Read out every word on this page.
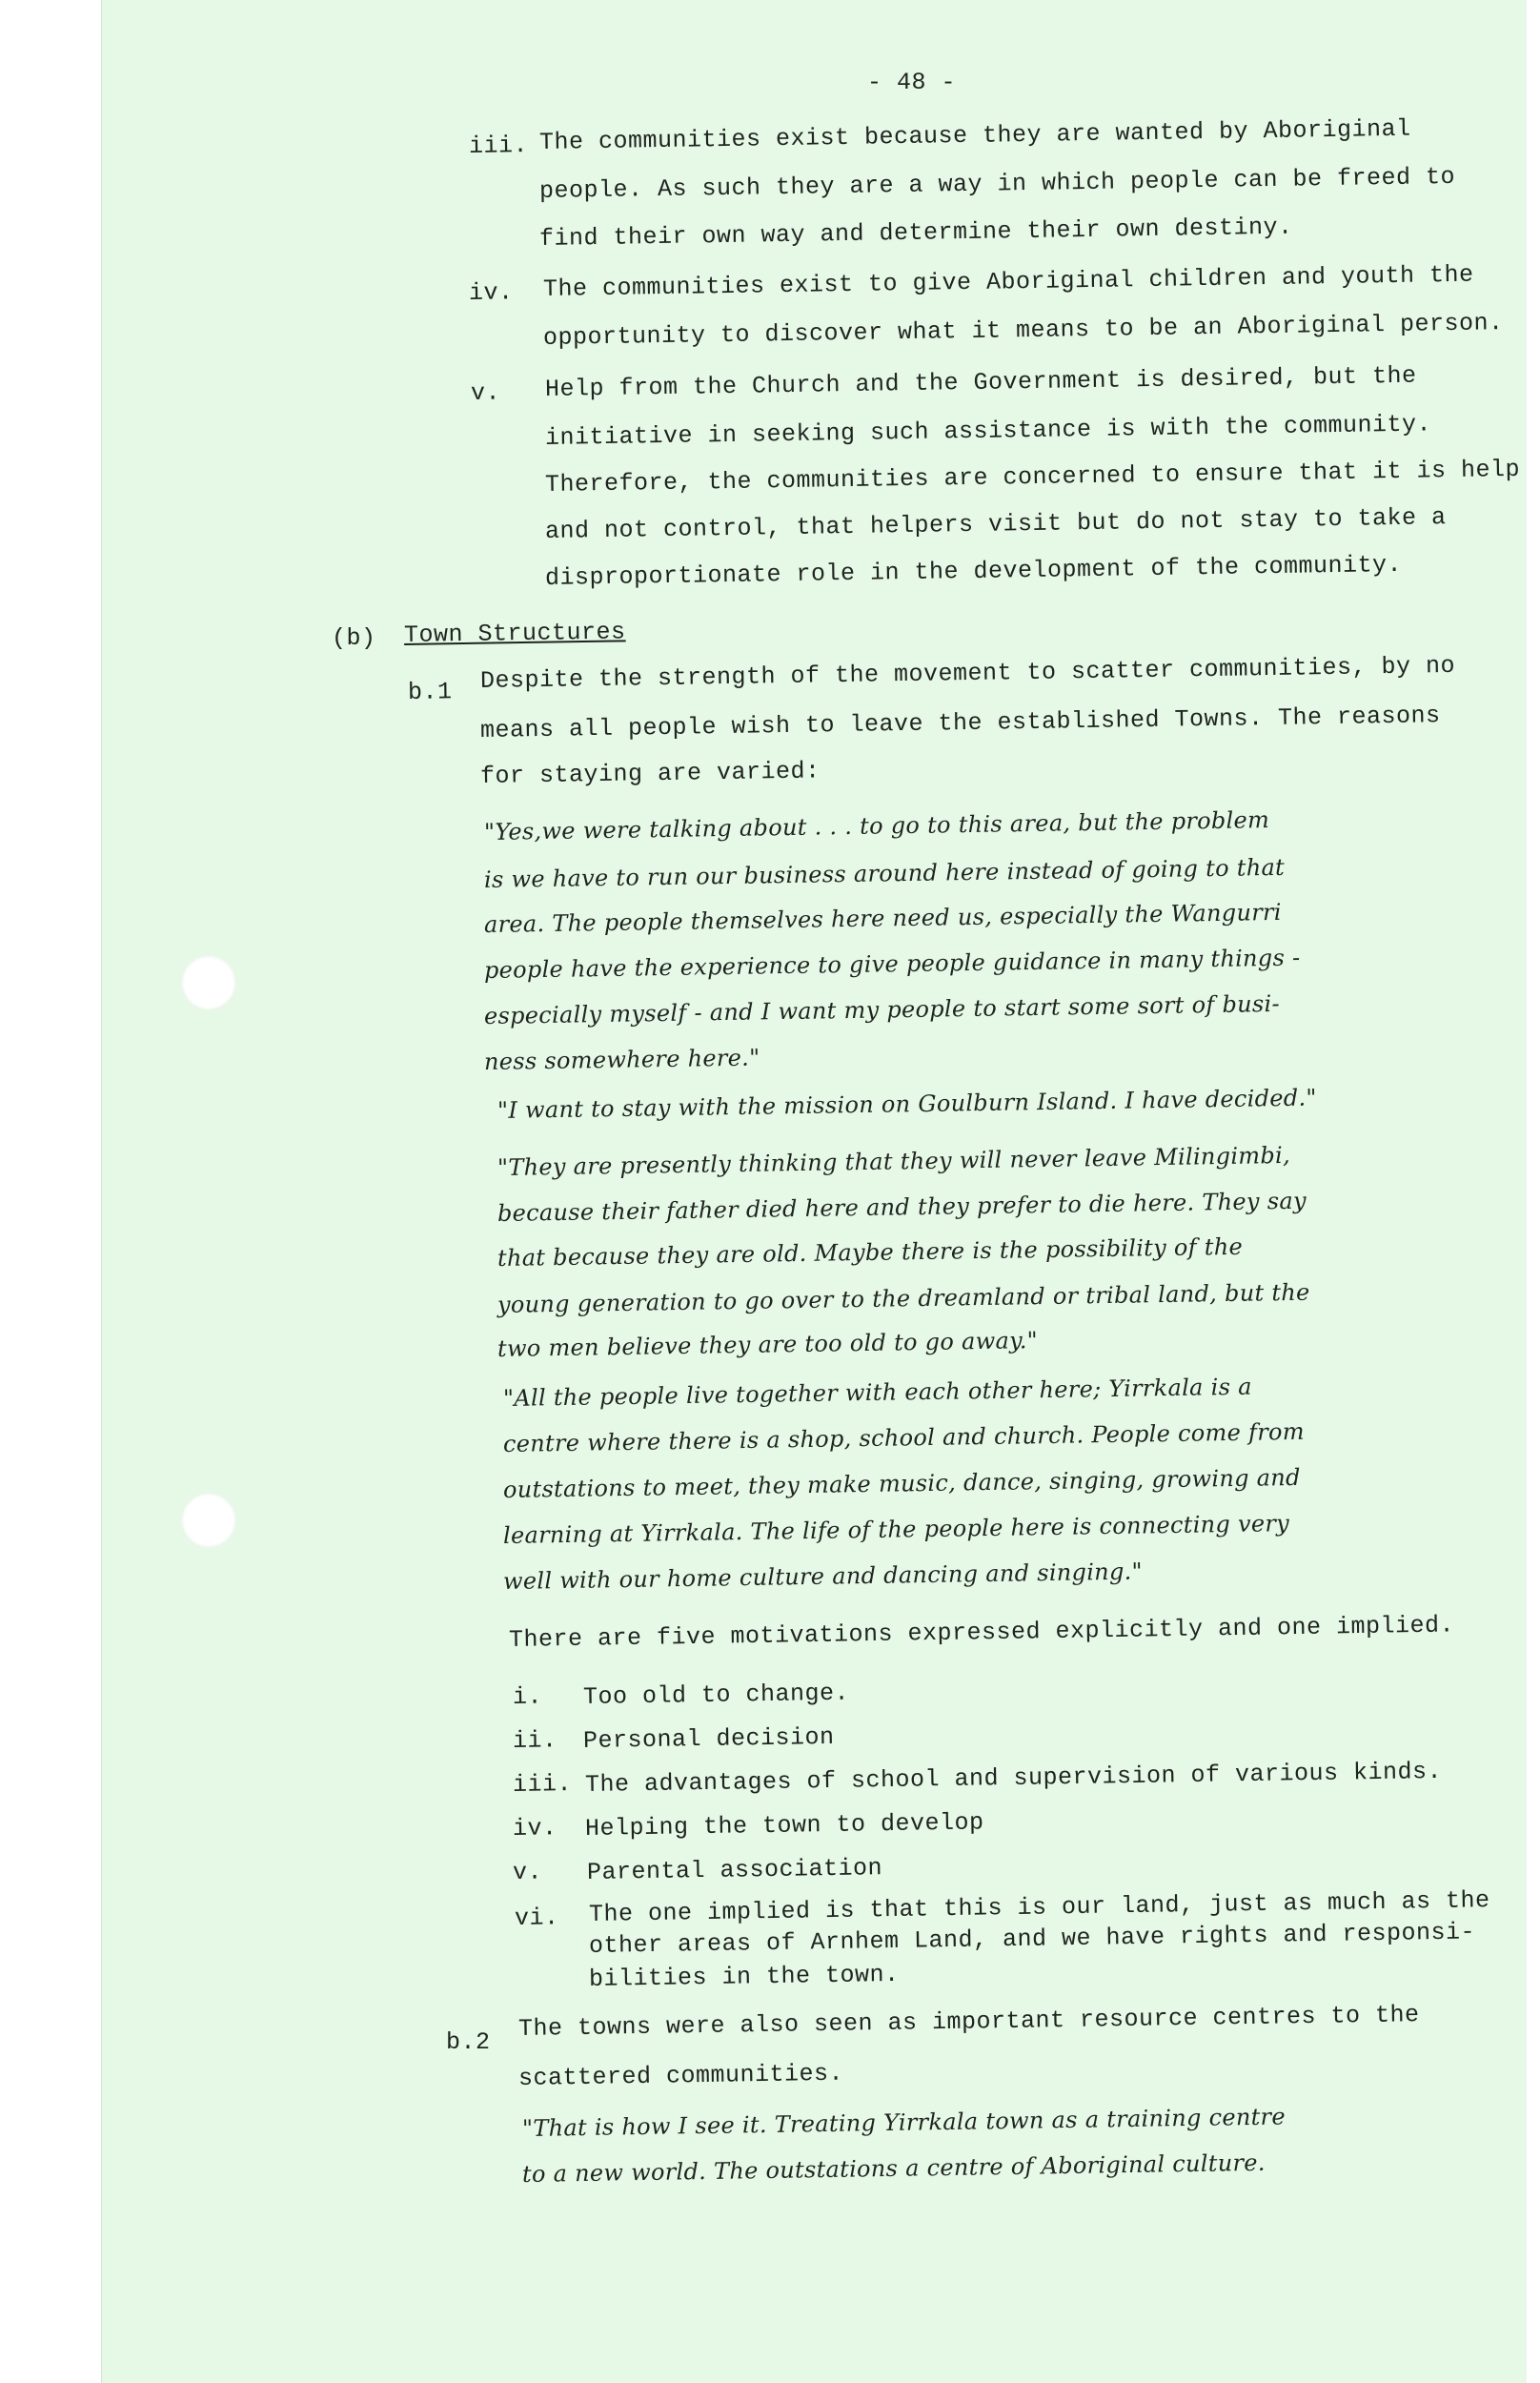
- 48 -
iii. The communities exist because they are wanted by Aboriginal
people. As such they are a way in which people can be freed to
find their own way and determine their own destiny.
iv. The communities exist to give Aboriginal children and youth the
opportunity to discover what it means to be an Aboriginal person.
v. Help from the Church and the Government is desired, but the
initiative in seeking such assistance is with the community.
Therefore, the communities are concerned to ensure that it is help
and not control, that helpers visit but do not stay to take a
disproportionate role in the development of the community.
(b) Town Structures
b.1 Despite the strength of the movement to scatter communities, by no
means all people wish to leave the established Towns. The reasons
for staying are varied:
"Yes,we were talking about . . . to go to this area, but the problem
is we have to run our business around here instead of going to that
area. The people themselves here need us, especially the Wangurri
people have the experience to give people guidance in many things -
especially myself - and I want my people to start some sort of busi-
ness somewhere here."
"I want to stay with the mission on Goulburn Island. I have decided."
"They are presently thinking that they will never leave Milingimbi,
because their father died here and they prefer to die here. They say
that because they are old. Maybe there is the possibility of the
young generation to go over to the dreamland or tribal land, but the
two men believe they are too old to go away."
"All the people live together with each other here; Yirrkala is a
centre where there is a shop, school and church. People come from
outstations to meet, they make music, dance, singing, growing and
learning at Yirrkala. The life of the people here is connecting very
well with our home culture and dancing and singing."
There are five motivations expressed explicitly and one implied.
i. Too old to change.
ii. Personal decision
iii. The advantages of school and supervision of various kinds.
iv. Helping the town to develop
v. Parental association
vi. The one implied is that this is our land, just as much as the
other areas of Arnhem Land, and we have rights and responsi-
bilities in the town.
b.2 The towns were also seen as important resource centres to the
scattered communities.
"That is how I see it. Treating Yirrkala town as a training centre
to a new world. The outstations a centre of Aboriginal culture.
